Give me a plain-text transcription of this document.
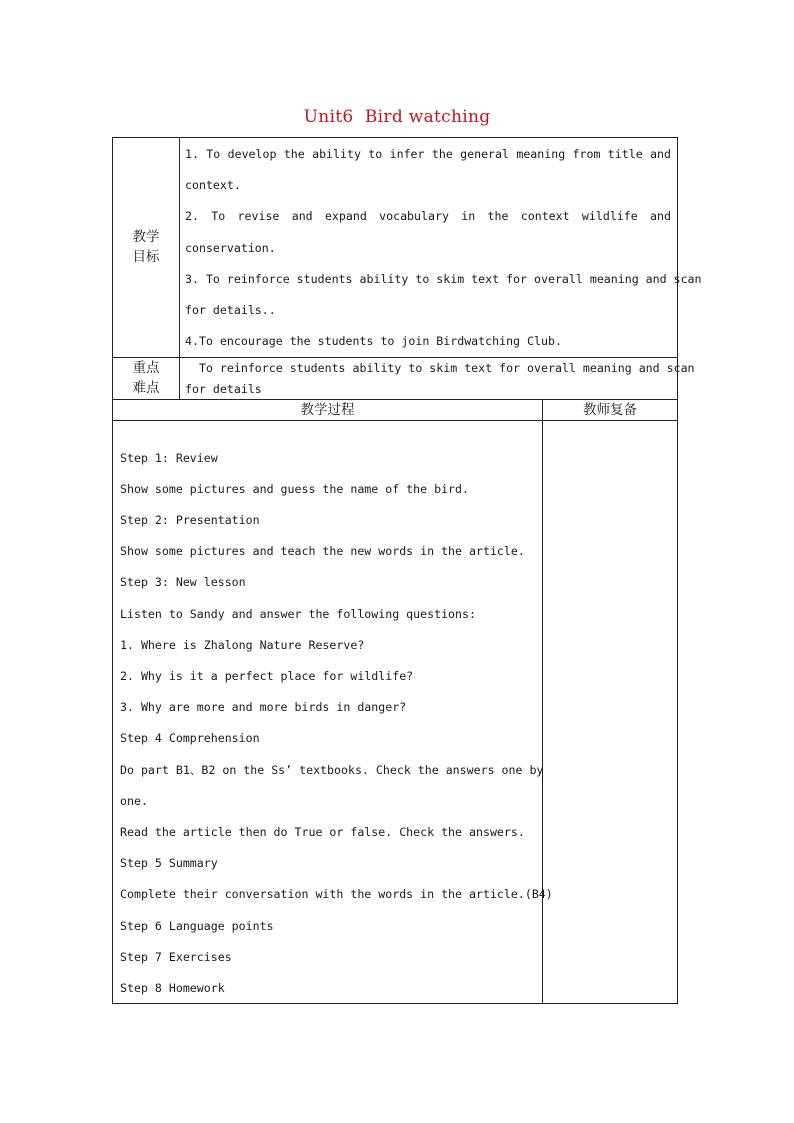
Unit6  Bird watching
教学
目标
1. To develop the ability to infer the general meaning from title and
context.
2. To revise and expand vocabulary in the context wildlife and
conservation.
3. To reinforce students ability to skim text for overall meaning and scan
for details..
4.To encourage the students to join Birdwatching Club.
重点
难点
To reinforce students ability to skim text for overall meaning and scan
for details
教学过程	教师复备
Step 1: Review
Show some pictures and guess the name of the bird.
Step 2: Presentation
Show some pictures and teach the new words in the article.
Step 3: New lesson
Listen to Sandy and answer the following questions:
1. Where is Zhalong Nature Reserve?
2. Why is it a perfect place for wildlife?
3. Why are more and more birds in danger?
Step 4 Comprehension
Do part B1、B2 on the Ss’ textbooks. Check the answers one by
one.
Read the article then do True or false. Check the answers.
Step 5 Summary
Complete their conversation with the words in the article.(B4)
Step 6 Language points
Step 7 Exercises
Step 8 Homework
